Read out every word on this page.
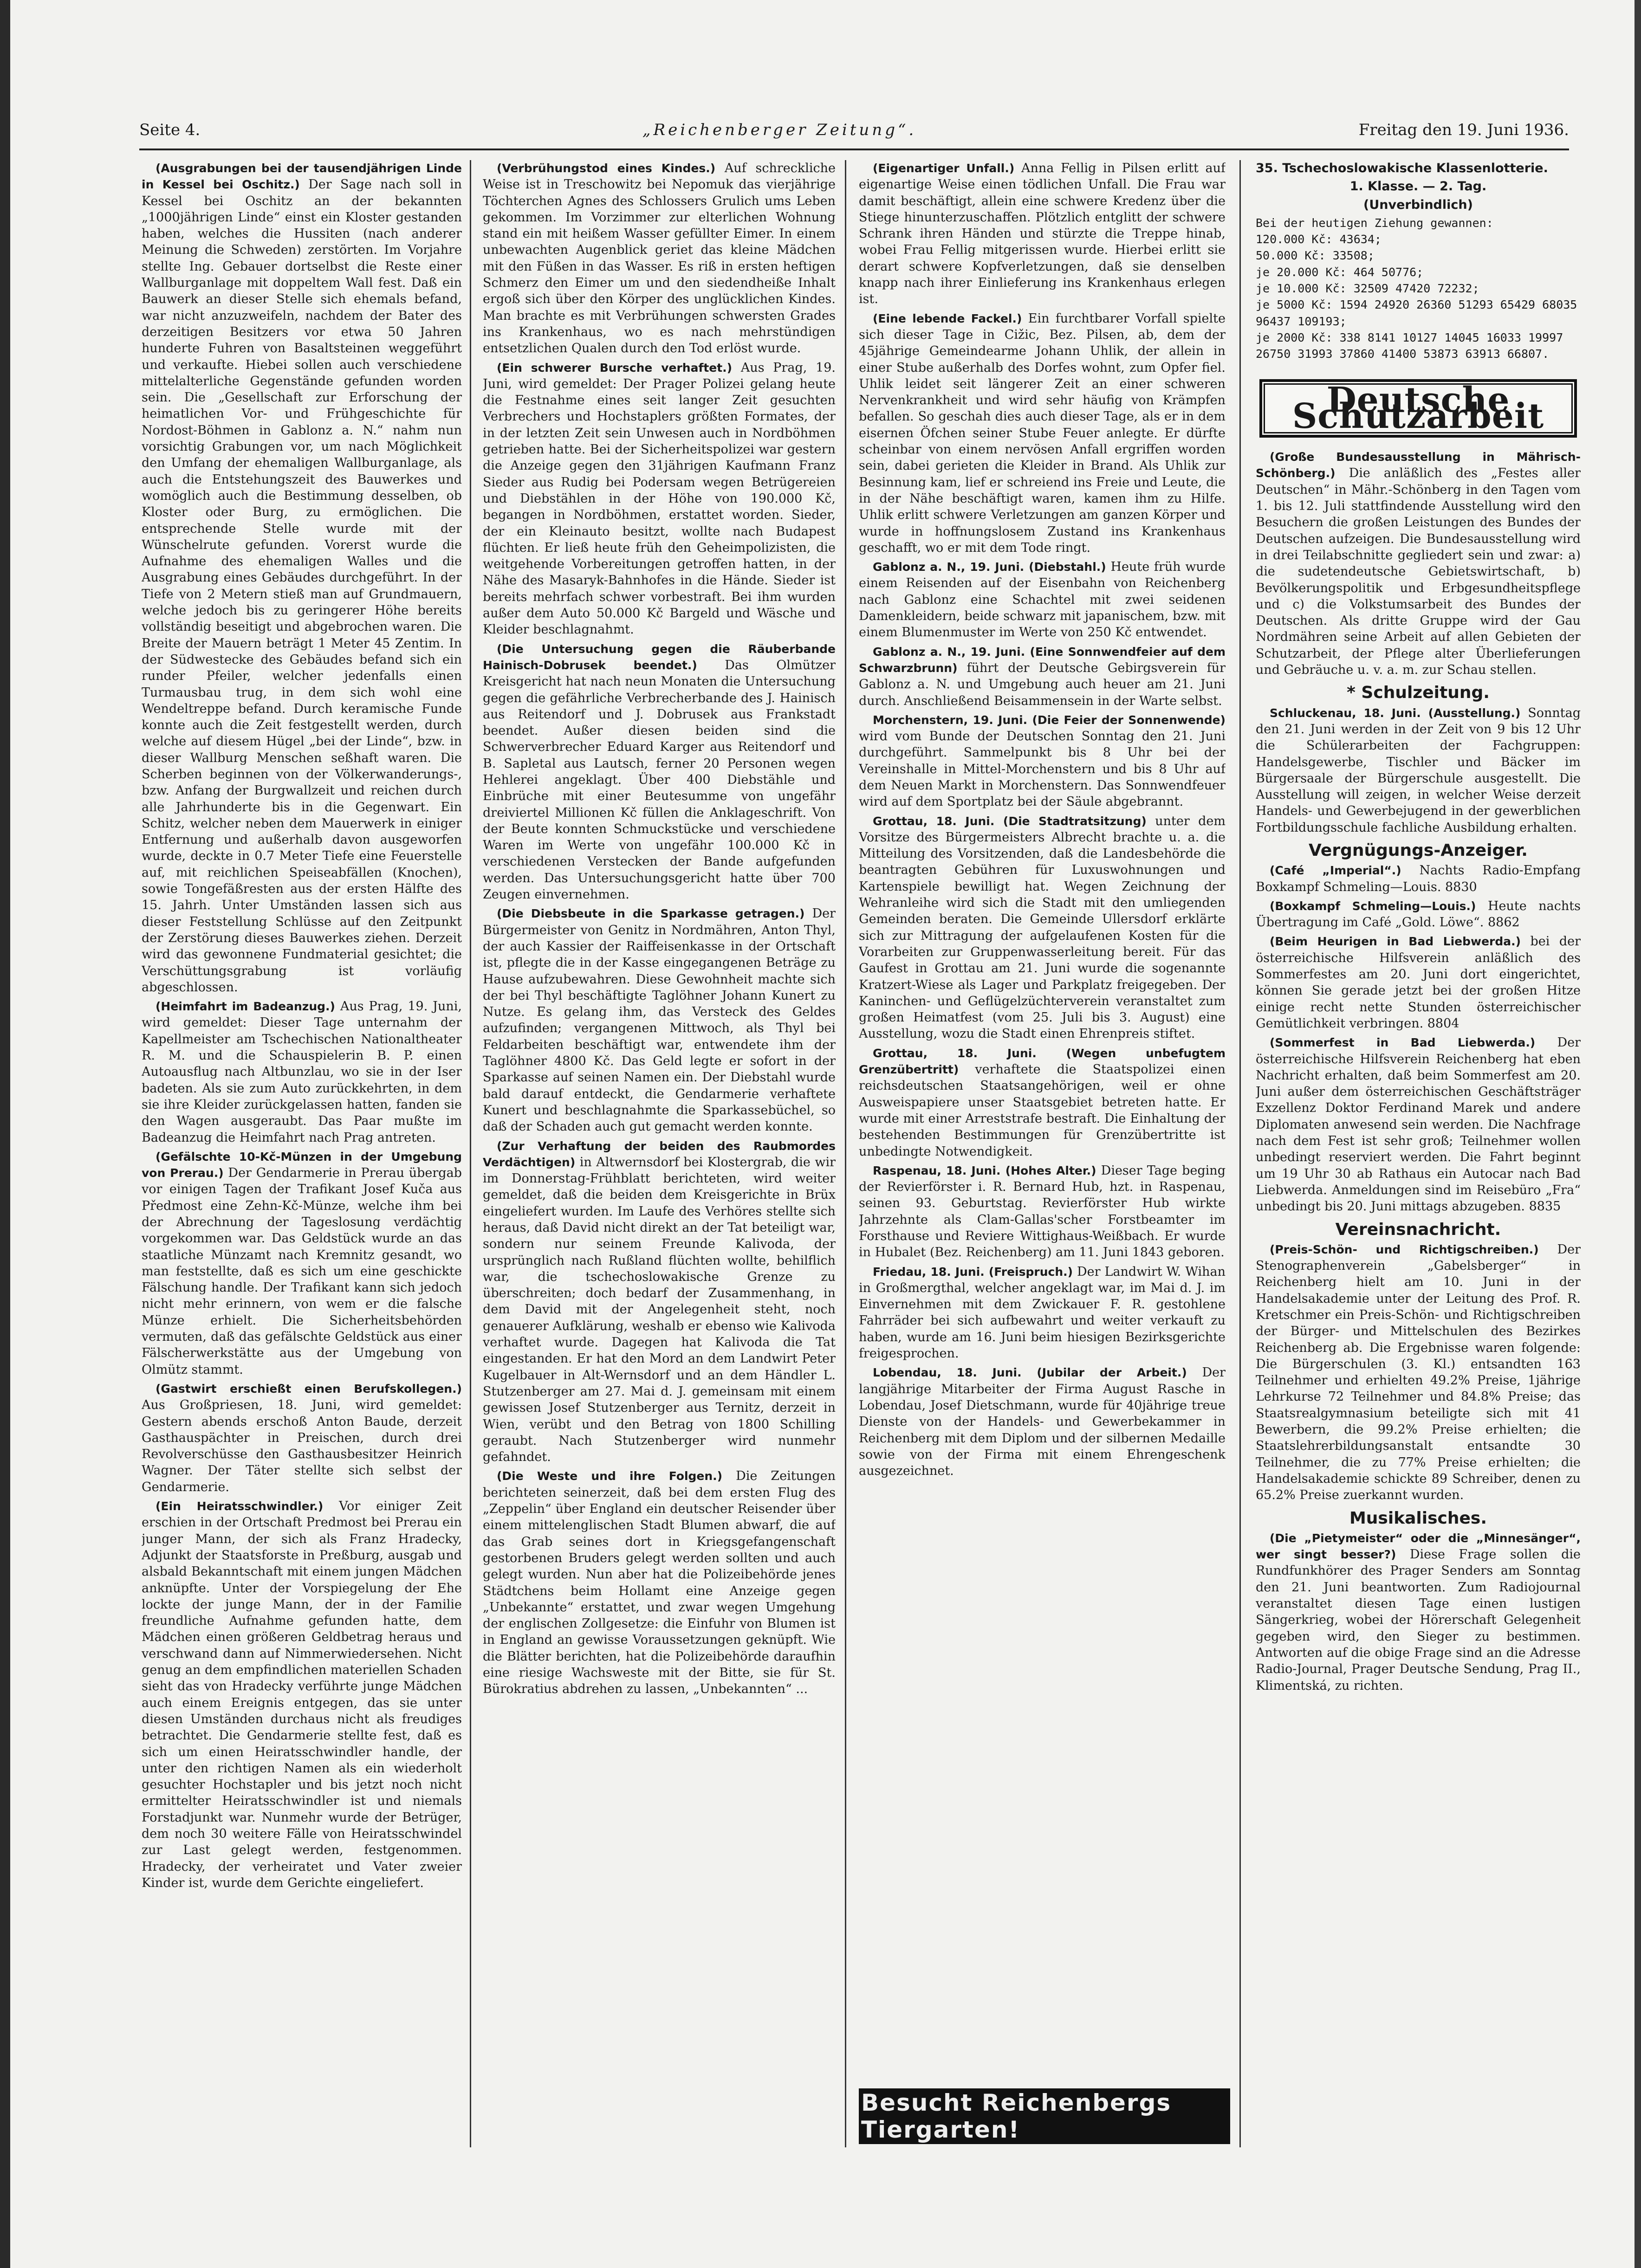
Seite 4.	„Reichenberger Zeitung“.	Freitag den 19. Juni 1936.

(Ausgrabungen bei der tausendjährigen Linde in Kessel bei Oschitz.) Der Sage nach soll in Kessel bei Oschitz an der bekannten „1000jährigen Linde“ einst ein Kloster gestanden haben, welches die Hussiten (nach anderer Meinung die Schweden) zerstörten. Im Vorjahre stellte Ing. Gebauer dortselbst die Reste einer Wallburganlage mit doppeltem Wall fest. Daß ein Bauwerk an dieser Stelle sich ehemals befand, war nicht anzuzweifeln, nachdem der Bater des derzeitigen Besitzers vor etwa 50 Jahren hunderte Fuhren von Basaltsteinen weggeführt und verkaufte. Hiebei sollen auch verschiedene mittelalterliche Gegenstände gefunden worden sein. Die „Gesellschaft zur Erforschung der heimatlichen Vor- und Frühgeschichte für Nordost-Böhmen in Gablonz a. N.“ nahm nun vorsichtig Grabungen vor, um nach Möglichkeit den Umfang der ehemaligen Wallburganlage, als auch die Entstehungszeit des Bauwerkes und womöglich auch die Bestimmung desselben, ob Kloster oder Burg, zu ermöglichen. Die entsprechende Stelle wurde mit der Wünschelrute gefunden. Vorerst wurde die Aufnahme des ehemaligen Walles und die Ausgrabung eines Gebäudes durchgeführt. In der Tiefe von 2 Metern stieß man auf Grundmauern, welche jedoch bis zu geringerer Höhe bereits vollständig beseitigt und abgebrochen waren. Die Breite der Mauern beträgt 1 Meter 45 Zentim. In der Südwestecke des Gebäudes befand sich ein runder Pfeiler, welcher jedenfalls einen Turmausbau trug, in dem sich wohl eine Wendeltreppe befand. Durch keramische Funde konnte auch die Zeit festgestellt werden, durch welche auf diesem Hügel „bei der Linde“, bzw. in dieser Wallburg Menschen seßhaft waren. Die Scherben beginnen von der Völkerwanderungs-, bzw. Anfang der Burgwallzeit und reichen durch alle Jahrhunderte bis in die Gegenwart. Ein Schitz, welcher neben dem Mauerwerk in einiger Entfernung und außerhalb davon ausgeworfen wurde, deckte in 0.7 Meter Tiefe eine Feuerstelle auf, mit reichlichen Speiseabfällen (Knochen), sowie Tongefäßresten aus der ersten Hälfte des 15. Jahrh. Unter Umständen lassen sich aus dieser Feststellung Schlüsse auf den Zeitpunkt der Zerstörung dieses Bauwerkes ziehen. Derzeit wird das gewonnene Fundmaterial gesichtet; die Verschüttungsgrabung ist vorläufig abgeschlossen.

(Heimfahrt im Badeanzug.) Aus Prag, 19. Juni, wird gemeldet: Dieser Tage unternahm der Kapellmeister am Tschechischen Nationaltheater R. M. und die Schauspielerin B. P. einen Autoausflug nach Altbunzlau, wo sie in der Iser badeten. Als sie zum Auto zurückkehrten, in dem sie ihre Kleider zurückgelassen hatten, fanden sie den Wagen ausgeraubt. Das Paar mußte im Badeanzug die Heimfahrt nach Prag antreten.

(Gefälschte 10-Kč-Münzen in der Umgebung von Prerau.) Der Gendarmerie in Prerau übergab vor einigen Tagen der Trafikant Josef Kuča aus Předmost eine Zehn-Kč-Münze, welche ihm bei der Abrechnung der Tageslosung verdächtig vorgekommen war. Das Geldstück wurde an das staatliche Münzamt nach Kremnitz gesandt, wo man feststellte, daß es sich um eine geschickte Fälschung handle. Der Trafikant kann sich jedoch nicht mehr erinnern, von wem er die falsche Münze erhielt. Die Sicherheitsbehörden vermuten, daß das gefälschte Geldstück aus einer Fälscherwerkstätte aus der Umgebung von Olmütz stammt.

(Gastwirt erschießt einen Berufskollegen.) Aus Großpriesen, 18. Juni, wird gemeldet: Gestern abends erschoß Anton Baude, derzeit Gasthauspächter in Preischen, durch drei Revolverschüsse den Gasthausbesitzer Heinrich Wagner. Der Täter stellte sich selbst der Gendarmerie.

(Ein Heiratsschwindler.) Vor einiger Zeit erschien in der Ortschaft Predmost bei Prerau ein junger Mann, der sich als Franz Hradecky, Adjunkt der Staatsforste in Preßburg, ausgab und alsbald Bekanntschaft mit einem jungen Mädchen anknüpfte. Unter der Vorspiegelung der Ehe lockte der junge Mann, der in der Familie freundliche Aufnahme gefunden hatte, dem Mädchen einen größeren Geldbetrag heraus und verschwand dann auf Nimmerwiedersehen. Nicht genug an dem empfindlichen materiellen Schaden sieht das von Hradecky verführte junge Mädchen auch einem Ereignis entgegen, das sie unter diesen Umständen durchaus nicht als freudiges betrachtet. Die Gendarmerie stellte fest, daß es sich um einen Heiratsschwindler handle, der unter den richtigen Namen als ein wiederholt gesuchter Hochstapler und bis jetzt noch nicht ermittelter Heiratsschwindler ist und niemals Forstadjunkt war. Nunmehr wurde der Betrüger, dem noch 30 weitere Fälle von Heiratsschwindel zur Last gelegt werden, festgenommen. Hradecky, der verheiratet und Vater zweier Kinder ist, wurde dem Gerichte eingeliefert.

(Verbrühungstod eines Kindes.) Auf schreckliche Weise ist in Treschowitz bei Nepomuk das vierjährige Töchterchen Agnes des Schlossers Grulich ums Leben gekommen. Im Vorzimmer zur elterlichen Wohnung stand ein mit heißem Wasser gefüllter Eimer. In einem unbewachten Augenblick geriet das kleine Mädchen mit den Füßen in das Wasser. Es riß in ersten heftigen Schmerz den Eimer um und den siedendheiße Inhalt ergoß sich über den Körper des unglücklichen Kindes. Man brachte es mit Verbrühungen schwersten Grades ins Krankenhaus, wo es nach mehrstündigen entsetzlichen Qualen durch den Tod erlöst wurde.

(Ein schwerer Bursche verhaftet.) Aus Prag, 19. Juni, wird gemeldet: Der Prager Polizei gelang heute die Festnahme eines seit langer Zeit gesuchten Verbrechers und Hochstaplers größten Formates, der in der letzten Zeit sein Unwesen auch in Nordböhmen getrieben hatte. Bei der Sicherheitspolizei war gestern die Anzeige gegen den 31jährigen Kaufmann Franz Sieder aus Rudig bei Podersam wegen Betrügereien und Diebstählen in der Höhe von 190.000 Kč, begangen in Nordböhmen, erstattet worden. Sieder, der ein Kleinauto besitzt, wollte nach Budapest flüchten. Er ließ heute früh den Geheimpolizisten, die weitgehende Vorbereitungen getroffen hatten, in der Nähe des Masaryk-Bahnhofes in die Hände. Sieder ist bereits mehrfach schwer vorbestraft. Bei ihm wurden außer dem Auto 50.000 Kč Bargeld und Wäsche und Kleider beschlagnahmt.

(Die Untersuchung gegen die Räuberbande Hainisch-Dobrusek beendet.) Das Olmützer Kreisgericht hat nach neun Monaten die Untersuchung gegen die gefährliche Verbrecherbande des J. Hainisch aus Reitendorf und J. Dobrusek aus Frankstadt beendet. Außer diesen beiden sind die Schwerverbrecher Eduard Karger aus Reitendorf und B. Sapletal aus Lautsch, ferner 20 Personen wegen Hehlerei angeklagt. Über 400 Diebstähle und Einbrüche mit einer Beutesumme von ungefähr dreiviertel Millionen Kč füllen die Anklageschrift. Von der Beute konnten Schmuckstücke und verschiedene Waren im Werte von ungefähr 100.000 Kč in verschiedenen Verstecken der Bande aufgefunden werden. Das Untersuchungsgericht hatte über 700 Zeugen einvernehmen.

(Die Diebsbeute in die Sparkasse getragen.) Der Bürgermeister von Genitz in Nordmähren, Anton Thyl, der auch Kassier der Raiffeisenkasse in der Ortschaft ist, pflegte die in der Kasse eingegangenen Beträge zu Hause aufzubewahren. Diese Gewohnheit machte sich der bei Thyl beschäftigte Taglöhner Johann Kunert zu Nutze. Es gelang ihm, das Versteck des Geldes aufzufinden; vergangenen Mittwoch, als Thyl bei Feldarbeiten beschäftigt war, entwendete ihm der Taglöhner 4800 Kč. Das Geld legte er sofort in der Sparkasse auf seinen Namen ein. Der Diebstahl wurde bald darauf entdeckt, die Gendarmerie verhaftete Kunert und beschlagnahmte die Sparkassebüchel, so daß der Schaden auch gut gemacht werden konnte.

(Zur Verhaftung der beiden des Raubmordes Verdächtigen) in Altwernsdorf bei Klostergrab, die wir im Donnerstag-Frühblatt berichteten, wird weiter gemeldet, daß die beiden dem Kreisgerichte in Brüx eingeliefert wurden. Im Laufe des Verhöres stellte sich heraus, daß David nicht direkt an der Tat beteiligt war, sondern nur seinem Freunde Kalivoda, der ursprünglich nach Rußland flüchten wollte, behilflich war, die tschechoslowakische Grenze zu überschreiten; doch bedarf der Zusammenhang, in dem David mit der Angelegenheit steht, noch genauerer Aufklärung, weshalb er ebenso wie Kalivoda verhaftet wurde. Dagegen hat Kalivoda die Tat eingestanden. Er hat den Mord an dem Landwirt Peter Kugelbauer in Alt-Wernsdorf und an dem Händler L. Stutzenberger am 27. Mai d. J. gemeinsam mit einem gewissen Josef Stutzenberger aus Ternitz, derzeit in Wien, verübt und den Betrag von 1800 Schilling geraubt. Nach Stutzenberger wird nunmehr gefahndet.

(Die Weste und ihre Folgen.) Die Zeitungen berichteten seinerzeit, daß bei dem ersten Flug des „Zeppelin“ über England ein deutscher Reisender über einem mittelenglischen Stadt Blumen abwarf, die auf das Grab seines dort in Kriegsgefangenschaft gestorbenen Bruders gelegt werden sollten und auch gelegt wurden. Nun aber hat die Polizeibehörde jenes Städtchens beim Hollamt eine Anzeige gegen „Unbekannte“ erstattet, und zwar wegen Umgehung der englischen Zollgesetze: die Einfuhr von Blumen ist in England an gewisse Voraussetzungen geknüpft. Wie die Blätter berichten, hat die Polizeibehörde daraufhin eine riesige Wachsweste mit der Bitte, sie für St. Bürokratius abdrehen zu lassen, „Unbekannten“ ...

(Eigenartiger Unfall.) Anna Fellig in Pilsen erlitt auf eigenartige Weise einen tödlichen Unfall. Die Frau war damit beschäftigt, allein eine schwere Kredenz über die Stiege hinunterzuschaffen. Plötzlich entglitt der schwere Schrank ihren Händen und stürzte die Treppe hinab, wobei Frau Fellig mitgerissen wurde. Hierbei erlitt sie derart schwere Kopfverletzungen, daß sie denselben knapp nach ihrer Einlieferung ins Krankenhaus erlegen ist.

(Eine lebende Fackel.) Ein furchtbarer Vorfall spielte sich dieser Tage in Cižic, Bez. Pilsen, ab, dem der 45jährige Gemeindearme Johann Uhlik, der allein in einer Stube außerhalb des Dorfes wohnt, zum Opfer fiel. Uhlik leidet seit längerer Zeit an einer schweren Nervenkrankheit und wird sehr häufig von Krämpfen befallen. So geschah dies auch dieser Tage, als er in dem eisernen Öfchen seiner Stube Feuer anlegte. Er dürfte scheinbar von einem nervösen Anfall ergriffen worden sein, dabei gerieten die Kleider in Brand. Als Uhlik zur Besinnung kam, lief er schreiend ins Freie und Leute, die in der Nähe beschäftigt waren, kamen ihm zu Hilfe. Uhlik erlitt schwere Verletzungen am ganzen Körper und wurde in hoffnungslosem Zustand ins Krankenhaus geschafft, wo er mit dem Tode ringt.

Gablonz a. N., 19. Juni. (Diebstahl.) Heute früh wurde einem Reisenden auf der Eisenbahn von Reichenberg nach Gablonz eine Schachtel mit zwei seidenen Damenkleidern, beide schwarz mit japanischem, bzw. mit einem Blumenmuster im Werte von 250 Kč entwendet.

Gablonz a. N., 19. Juni. (Eine Sonnwendfeier auf dem Schwarzbrunn) führt der Deutsche Gebirgsverein für Gablonz a. N. und Umgebung auch heuer am 21. Juni durch. Anschließend Beisammensein in der Warte selbst.

Morchenstern, 19. Juni. (Die Feier der Sonnenwende) wird vom Bunde der Deutschen Sonntag den 21. Juni durchgeführt. Sammelpunkt bis 8 Uhr bei der Vereinshalle in Mittel-Morchenstern und bis 8 Uhr auf dem Neuen Markt in Morchenstern. Das Sonnwendfeuer wird auf dem Sportplatz bei der Säule abgebrannt.

Grottau, 18. Juni. (Die Stadtratsitzung) unter dem Vorsitze des Bürgermeisters Albrecht brachte u. a. die Mitteilung des Vorsitzenden, daß die Landesbehörde die beantragten Gebühren für Luxuswohnungen und Kartenspiele bewilligt hat. Wegen Zeichnung der Wehranleihe wird sich die Stadt mit den umliegenden Gemeinden beraten. Die Gemeinde Ullersdorf erklärte sich zur Mittragung der aufgelaufenen Kosten für die Vorarbeiten zur Gruppenwasserleitung bereit. Für das Gaufest in Grottau am 21. Juni wurde die sogenannte Kratzert-Wiese als Lager und Parkplatz freigegeben. Der Kaninchen- und Geflügelzüchterverein veranstaltet zum großen Heimatfest (vom 25. Juli bis 3. August) eine Ausstellung, wozu die Stadt einen Ehrenpreis stiftet.

Grottau, 18. Juni. (Wegen unbefugtem Grenzübertritt) verhaftete die Staatspolizei einen reichsdeutschen Staatsangehörigen, weil er ohne Ausweispapiere unser Staatsgebiet betreten hatte. Er wurde mit einer Arreststrafe bestraft. Die Einhaltung der bestehenden Bestimmungen für Grenzübertritte ist unbedingte Notwendigkeit.

Raspenau, 18. Juni. (Hohes Alter.) Dieser Tage beging der Revierförster i. R. Bernard Hub, hzt. in Raspenau, seinen 93. Geburtstag. Revierförster Hub wirkte Jahrzehnte als Clam-Gallas'scher Forstbeamter im Forsthause und Reviere Wittighaus-Weißbach. Er wurde in Hubalet (Bez. Reichenberg) am 11. Juni 1843 geboren.

Friedau, 18. Juni. (Freispruch.) Der Landwirt W. Wihan in Großmergthal, welcher angeklagt war, im Mai d. J. im Einvernehmen mit dem Zwickauer F. R. gestohlene Fahrräder bei sich aufbewahrt und weiter verkauft zu haben, wurde am 16. Juni beim hiesigen Bezirksgerichte freigesprochen.

Lobendau, 18. Juni. (Jubilar der Arbeit.) Der langjährige Mitarbeiter der Firma August Rasche in Lobendau, Josef Dietschmann, wurde für 40jährige treue Dienste von der Handels- und Gewerbekammer in Reichenberg mit dem Diplom und der silbernen Medaille sowie von der Firma mit einem Ehrengeschenk ausgezeichnet.

Besucht Reichenbergs Tiergarten!
35. Tschechoslowakische Klassenlotterie.
1. Klasse. — 2. Tag.
(Unverbindlich)
Bei der heutigen Ziehung gewannen:
120.000 Kč: 43634;
50.000 Kč: 33508;
je 20.000 Kč: 464 50776;
je 10.000 Kč: 32509 47420 72232;
je 5000 Kč: 1594 24920 26360 51293 65429 68035 96437 109193;
je 2000 Kč: 338 8141 10127 14045 16033 19997 26750 31993 37860 41400 53873 63913 66807.
Deutsche Schutzarbeit

(Große Bundesausstellung in Mährisch-Schönberg.) Die anläßlich des „Festes aller Deutschen“ in Mähr.-Schönberg in den Tagen vom 1. bis 12. Juli stattfindende Ausstellung wird den Besuchern die großen Leistungen des Bundes der Deutschen aufzeigen. Die Bundesausstellung wird in drei Teilabschnitte gegliedert sein und zwar: a) die sudetendeutsche Gebietswirtschaft, b) Bevölkerungspolitik und Erbgesundheitspflege und c) die Volkstumsarbeit des Bundes der Deutschen. Als dritte Gruppe wird der Gau Nordmähren seine Arbeit auf allen Gebieten der Schutzarbeit, der Pflege alter Überlieferungen und Gebräuche u. v. a. m. zur Schau stellen.

* Schulzeitung.

Schluckenau, 18. Juni. (Ausstellung.) Sonntag den 21. Juni werden in der Zeit von 9 bis 12 Uhr die Schülerarbeiten der Fachgruppen: Handelsgewerbe, Tischler und Bäcker im Bürgersaale der Bürgerschule ausgestellt. Die Ausstellung will zeigen, in welcher Weise derzeit Handels- und Gewerbejugend in der gewerblichen Fortbildungsschule fachliche Ausbildung erhalten.

Vergnügungs-Anzeiger.

(Café „Imperial“.) Nachts Radio-Empfang Boxkampf Schmeling—Louis. 8830

(Boxkampf Schmeling—Louis.) Heute nachts Übertragung im Café „Gold. Löwe“. 8862

(Beim Heurigen in Bad Liebwerda.) bei der österreichische Hilfsverein anläßlich des Sommerfestes am 20. Juni dort eingerichtet, können Sie gerade jetzt bei der großen Hitze einige recht nette Stunden österreichischer Gemütlichkeit verbringen. 8804

(Sommerfest in Bad Liebwerda.) Der österreichische Hilfsverein Reichenberg hat eben Nachricht erhalten, daß beim Sommerfest am 20. Juni außer dem österreichischen Geschäftsträger Exzellenz Doktor Ferdinand Marek und andere Diplomaten anwesend sein werden. Die Nachfrage nach dem Fest ist sehr groß; Teilnehmer wollen unbedingt reserviert werden. Die Fahrt beginnt um 19 Uhr 30 ab Rathaus ein Autocar nach Bad Liebwerda. Anmeldungen sind im Reisebüro „Fra“ unbedingt bis 20. Juni mittags abzugeben. 8835

Vereinsnachricht.

(Preis-Schön- und Richtigschreiben.) Der Stenographenverein „Gabelsberger“ in Reichenberg hielt am 10. Juni in der Handelsakademie unter der Leitung des Prof. R. Kretschmer ein Preis-Schön- und Richtigschreiben der Bürger- und Mittelschulen des Bezirkes Reichenberg ab. Die Ergebnisse waren folgende: Die Bürgerschulen (3. Kl.) entsandten 163 Teilnehmer und erhielten 49.2% Preise, 1jährige Lehrkurse 72 Teilnehmer und 84.8% Preise; das Staatsrealgymnasium beteiligte sich mit 41 Bewerbern, die 99.2% Preise erhielten; die Staatslehrerbildungsanstalt entsandte 30 Teilnehmer, die zu 77% Preise erhielten; die Handelsakademie schickte 89 Schreiber, denen zu 65.2% Preise zuerkannt wurden.

Musikalisches.

(Die „Pietymeister“ oder die „Minnesänger“, wer singt besser?) Diese Frage sollen die Rundfunkhörer des Prager Senders am Sonntag den 21. Juni beantworten. Zum Radiojournal veranstaltet diesen Tage einen lustigen Sängerkrieg, wobei der Hörerschaft Gelegenheit gegeben wird, den Sieger zu bestimmen. Antworten auf die obige Frage sind an die Adresse Radio-Journal, Prager Deutsche Sendung, Prag II., Klimentská, zu richten.
